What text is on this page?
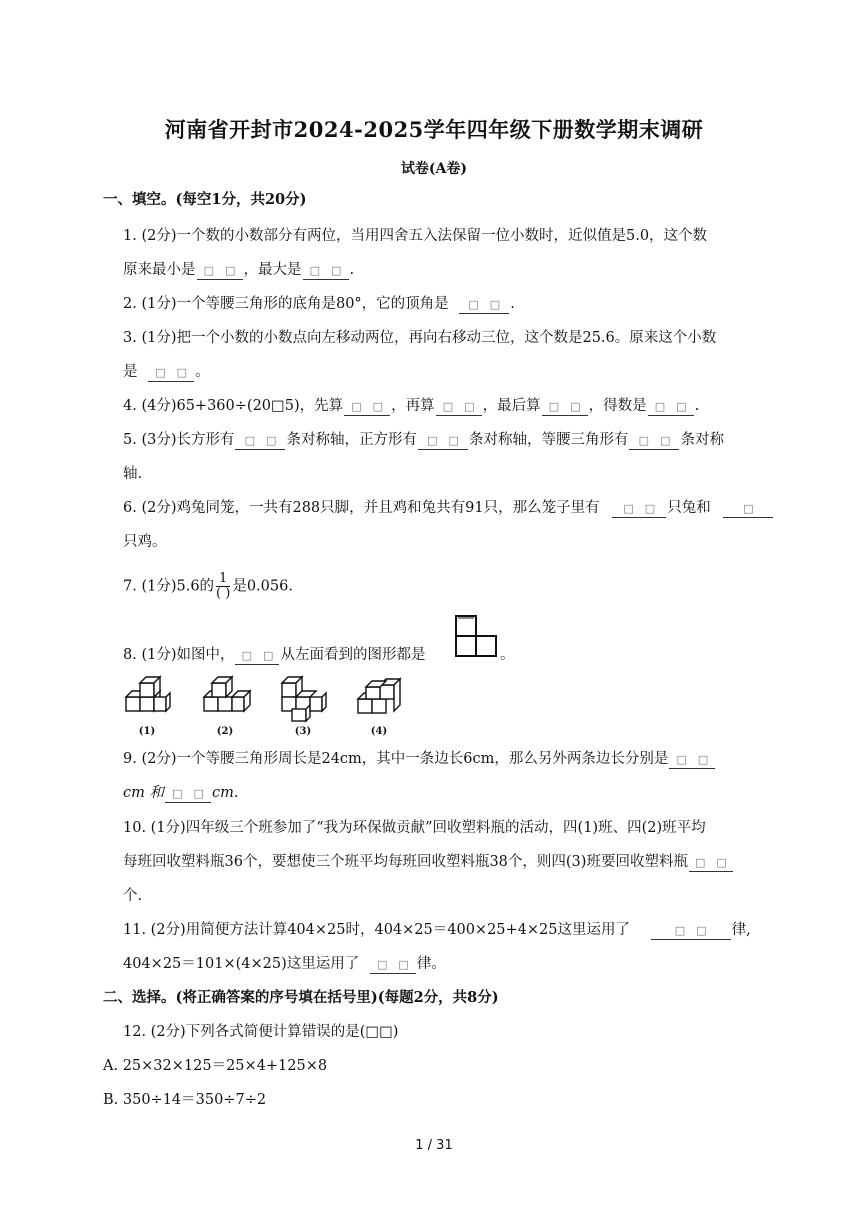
河南省开封市2024-2025学年四年级下册数学期末调研
试卷(A卷)
一、填空。(每空1分，共20分)
1. (2分)一个数的小数部分有两位，当用四舍五入法保留一位小数时，近似值是5.0，这个数
原来最小是 □　□ ，最大是 □　□ .
2. (1分)一个等腰三角形的底角是80°，它的顶角是 □　□ .
3. (1分)把一个小数的小数点向左移动两位，再向右移动三位，这个数是25.6。原来这个小数
是 □　□ 。
4. (4分)65+360÷(20□5)，先算 □　□ ，再算 □　□ ，最后算 □　□ ，得数是 □　□ .
5. (3分)长方形有 □　□ 条对称轴，正方形有 □　□ 条对称轴，等腰三角形有 □　□ 条对称
轴.
6. (2分)鸡兔同笼，一共有288只脚，并且鸡和兔共有91只，那么笼子里有 □　□ 只兔和	□
只鸡。
7. (1分)5.6的 $\frac{1}{( )}$ 是0.056.
8. (1分)如图中， □　□ 从左面看到的图形都是	。
(1)	(2)	(3)	(4)
9. (2分)一个等腰三角形周长是24cm，其中一条边长6cm，那么另外两条边长分别是 □　□
cm 和 □　□ cm.
10. (1分)四年级三个班参加了“我为环保做贡献”回收塑料瓶的活动，四(1)班、四(2)班平均
每班回收塑料瓶36个，要想使三个班平均每班回收塑料瓶38个，则四(3)班要回收塑料瓶 □　□
个.
11. (2分)用简便方法计算404×25时，404×25＝400×25+4×25这里运用了	□　□ 律,
404×25＝101×(4×25)这里运用了 □　□ 律。
二、选择。(将正确答案的序号填在括号里)(每题2分，共8分)
12. (2分)下列各式简便计算错误的是(□□)
A. 25×32×125＝25×4+125×8
B. 350÷14＝350÷7÷2
1 / 31
